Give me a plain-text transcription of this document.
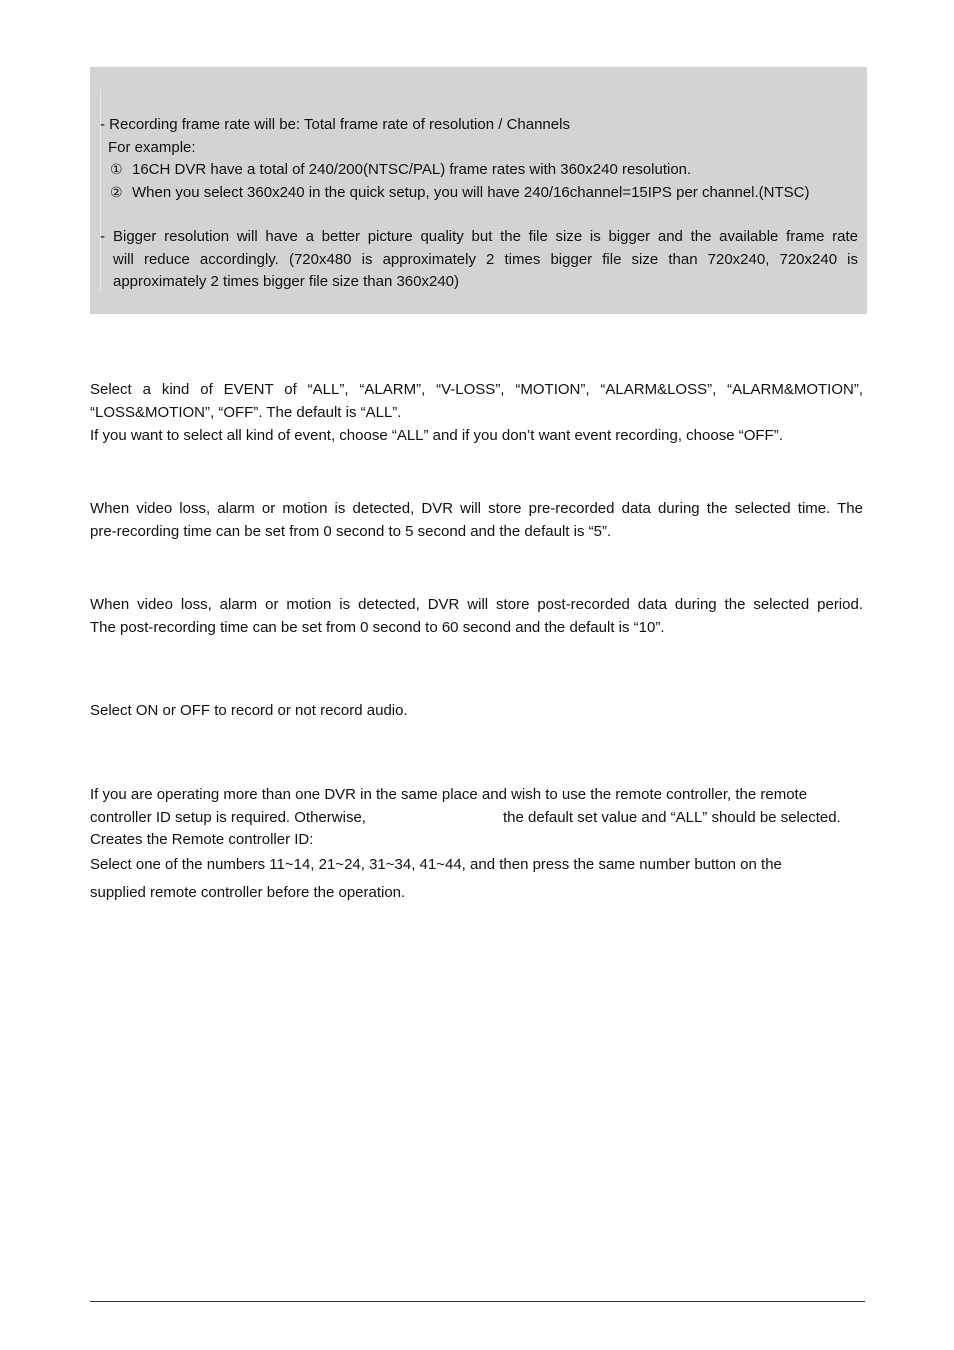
- Recording frame rate will be: Total frame rate of resolution / Channels
For example:
① 16CH DVR have a total of 240/200(NTSC/PAL) frame rates with 360x240 resolution.
② When you select 360x240 in the quick setup, you will have 240/16channel=15IPS per channel.(NTSC)
- Bigger resolution will have a better picture quality but the file size is bigger and the available frame rate
will reduce accordingly. (720x480 is approximately 2 times bigger file size than 720x240, 720x240 is
approximately 2 times bigger file size than 360x240)
Select a kind of EVENT of “ALL”, “ALARM”, “V-LOSS”, “MOTION”, “ALARM&LOSS”, “ALARM&MOTION”,
“LOSS&MOTION”, “OFF”. The default is “ALL”.
If you want to select all kind of event, choose “ALL” and if you don’t want event recording, choose “OFF”.
When video loss, alarm or motion is detected, DVR will store pre-recorded data during the selected time. The
pre-recording time can be set from 0 second to 5 second and the default is “5”.
When video loss, alarm or motion is detected, DVR will store post-recorded data during the selected period.
The post-recording time can be set from 0 second to 60 second and the default is “10”.
Select ON or OFF to record or not record audio.
If you are operating more than one DVR in the same place and wish to use the remote controller, the remote
controller ID setup is required. Otherwise,	the default set value and “ALL” should be selected.
Creates the Remote controller ID:
Select one of the numbers 11~14, 21~24, 31~34, 41~44, and then press the same number button on the
supplied remote controller before the operation.
